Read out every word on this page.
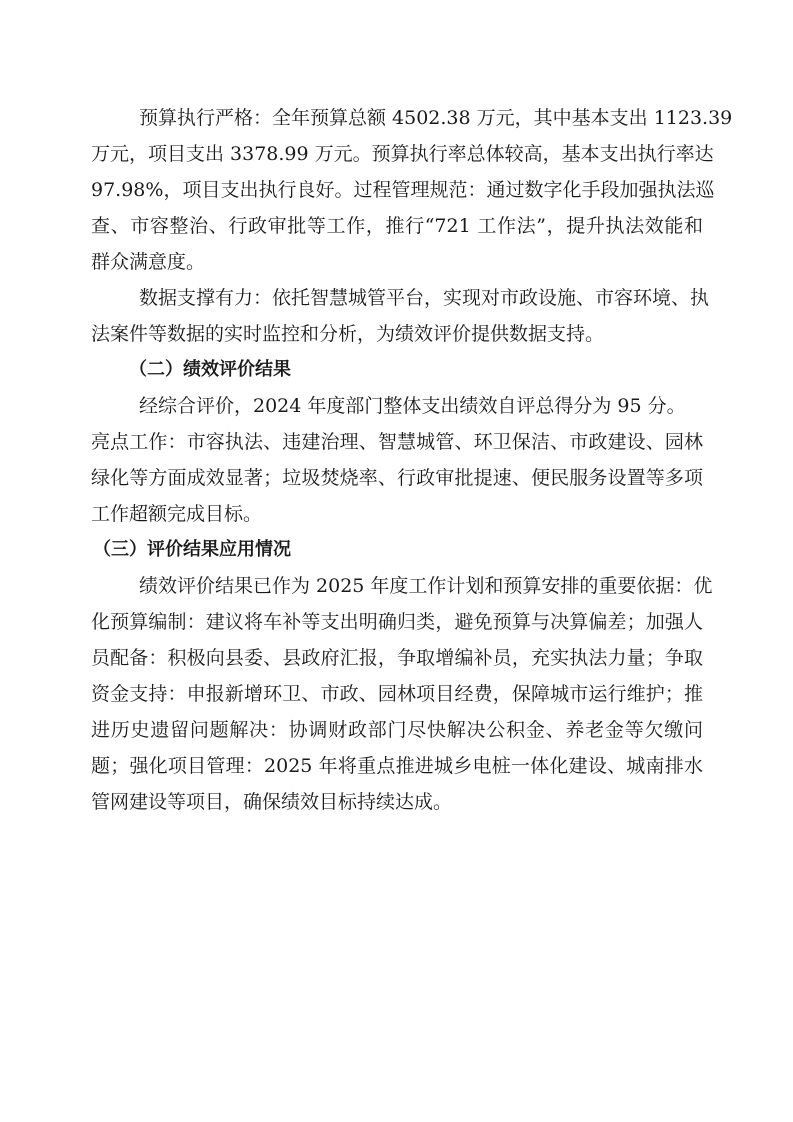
预算执行严格：全年预算总额 4502.38 万元，其中基本支出 1123.39
万元，项目支出 3378.99 万元。预算执行率总体较高，基本支出执行率达
97.98%，项目支出执行良好。过程管理规范：通过数字化手段加强执法巡
查、市容整治、行政审批等工作，推行“721 工作法”，提升执法效能和
群众满意度。
数据支撑有力：依托智慧城管平台，实现对市政设施、市容环境、执
法案件等数据的实时监控和分析，为绩效评价提供数据支持。
（二）绩效评价结果
经综合评价，2024 年度部门整体支出绩效自评总得分为 95 分。
亮点工作：市容执法、违建治理、智慧城管、环卫保洁、市政建设、园林
绿化等方面成效显著；垃圾焚烧率、行政审批提速、便民服务设置等多项
工作超额完成目标。
（三）评价结果应用情况
绩效评价结果已作为 2025 年度工作计划和预算安排的重要依据：优
化预算编制：建议将车补等支出明确归类，避免预算与决算偏差；加强人
员配备：积极向县委、县政府汇报，争取增编补员，充实执法力量；争取
资金支持：申报新增环卫、市政、园林项目经费，保障城市运行维护；推
进历史遗留问题解决：协调财政部门尽快解决公积金、养老金等欠缴问
题；强化项目管理：2025 年将重点推进城乡电桩一体化建设、城南排水
管网建设等项目，确保绩效目标持续达成。
